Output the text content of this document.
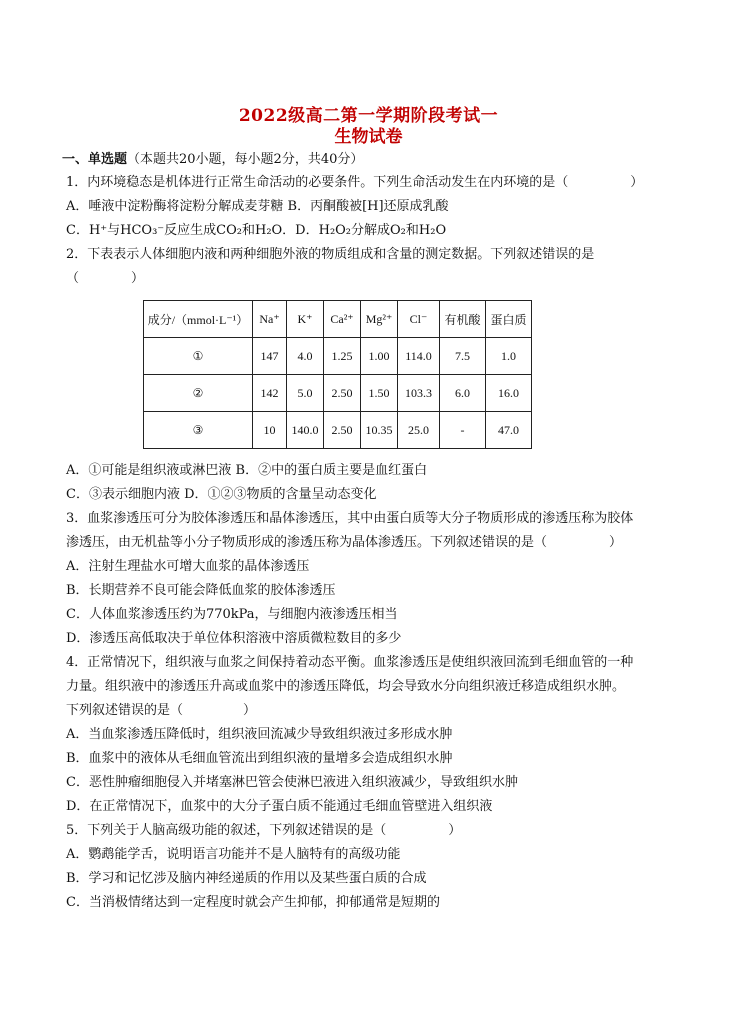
2022级高二第一学期阶段考试一
生物试卷
一、单选题（本题共20小题，每小题2分，共40分）
1．内环境稳态是机体进行正常生命活动的必要条件。下列生命活动发生在内环境的是（	）
A．唾液中淀粉酶将淀粉分解成麦芽糖 B．丙酮酸被[H]还原成乳酸
C．H⁺与HCO₃⁻反应生成CO₂和H₂O．D．H₂O₂分解成O₂和H₂O
2．下表表示人体细胞内液和两种细胞外液的物质组成和含量的测定数据。下列叙述错误的是
（　　　　）
成分/（mmol·L⁻¹）	Na⁺	K⁺	Ca²⁺	Mg²⁺	Cl⁻	有机酸	蛋白质
①	147	4.0	1.25	1.00	114.0	7.5	1.0
②	142	5.0	2.50	1.50	103.3	6.0	16.0
③	10	140.0	2.50	10.35	25.0	-	47.0
A．①可能是组织液或淋巴液 B．②中的蛋白质主要是血红蛋白
C．③表示细胞内液 D．①②③物质的含量呈动态变化
3．血浆渗透压可分为胶体渗透压和晶体渗透压，其中由蛋白质等大分子物质形成的渗透压称为胶体
渗透压，由无机盐等小分子物质形成的渗透压称为晶体渗透压。下列叙述错误的是（	）
A．注射生理盐水可增大血浆的晶体渗透压
B．长期营养不良可能会降低血浆的胶体渗透压
C．人体血浆渗透压约为770kPa，与细胞内液渗透压相当
D．渗透压高低取决于单位体积溶液中溶质微粒数目的多少
4．正常情况下，组织液与血浆之间保持着动态平衡。血浆渗透压是使组织液回流到毛细血管的一种
力量。组织液中的渗透压升高或血浆中的渗透压降低，均会导致水分向组织液迁移造成组织水肿。
下列叙述错误的是（	）
A．当血浆渗透压降低时，组织液回流减少导致组织液过多形成水肿
B．血浆中的液体从毛细血管流出到组织液的量增多会造成组织水肿
C．恶性肿瘤细胞侵入并堵塞淋巴管会使淋巴液进入组织液减少，导致组织水肿
D．在正常情况下，血浆中的大分子蛋白质不能通过毛细血管壁进入组织液
5．下列关于人脑高级功能的叙述，下列叙述错误的是（	）
A．鹦鹉能学舌，说明语言功能并不是人脑特有的高级功能
B．学习和记忆涉及脑内神经递质的作用以及某些蛋白质的合成
C．当消极情绪达到一定程度时就会产生抑郁，抑郁通常是短期的
